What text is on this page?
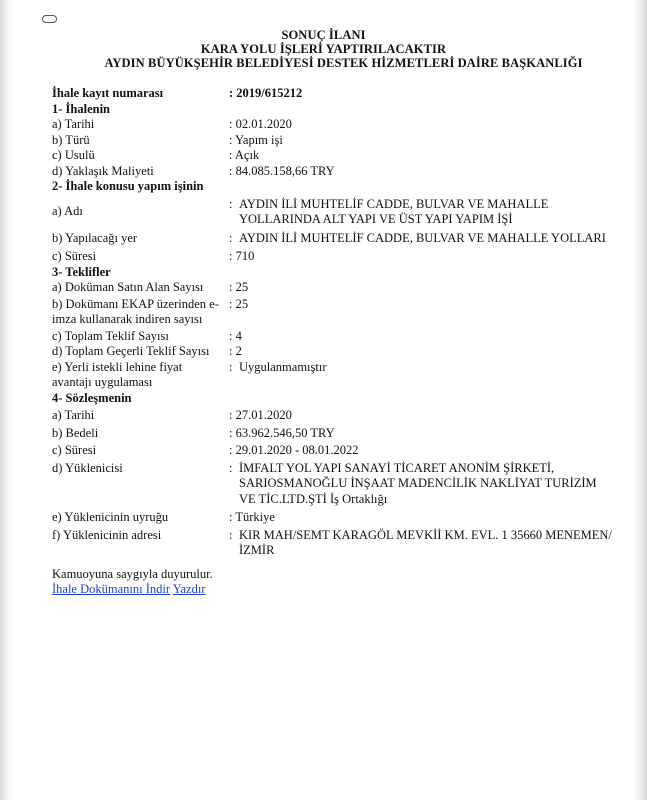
SONUÇ İLANI
KARA YOLU İŞLERİ YAPTIRILACAKTIR
AYDIN BÜYÜKŞEHİR BELEDİYESİ DESTEK HİZMETLERİ DAİRE BAŞKANLIĞI
İhale kayıt numarası	: 2019/615212
1- İhalenin
a) Tarihi	: 02.01.2020
b) Türü	: Yapım işi
c) Usulü	: Açık
d) Yaklaşık Maliyeti	: 84.085.158,66 TRY
2- İhale konusu yapım işinin
a) Adı	: AYDIN İLİ MUHTELİF CADDE, BULVAR VE MAHALLE YOLLARINDA ALT YAPI VE ÜST YAPI YAPIM İŞİ
b) Yapılacağı yer	: AYDIN İLİ MUHTELİF CADDE, BULVAR VE MAHALLE YOLLARI
c) Süresi	: 710
3- Teklifler
a) Doküman Satın Alan Sayısı	: 25
b) Dokümanı EKAP üzerinden e-imza kullanarak indiren sayısı
: 25
c) Toplam Teklif Sayısı	: 4
d) Toplam Geçerli Teklif Sayısı	: 2
e) Yerli istekli lehine fiyat avantajı uygulaması
: Uygulanmamıştır
4- Sözleşmenin
a) Tarihi	: 27.01.2020
b) Bedeli	: 63.962.546,50 TRY
c) Süresi	: 29.01.2020 - 08.01.2022
d) Yüklenicisi	: İMFALT YOL YAPI SANAYİ TİCARET ANONİM ŞİRKETİ, SARIOSMANOĞLU İNŞAAT MADENCİLİK NAKLİYAT TURİZİM VE TİC.LTD.ŞTİ İş Ortaklığı
e) Yüklenicinin uyruğu	: Türkiye
f) Yüklenicinin adresi	: KIR MAH/SEMT KARAGÖL MEVKİİ KM. EVL. 1 35660 MENEMEN/İZMİR
Kamuoyuna saygıyla duyurulur.
İhale Dokümanını İndir Yazdır
